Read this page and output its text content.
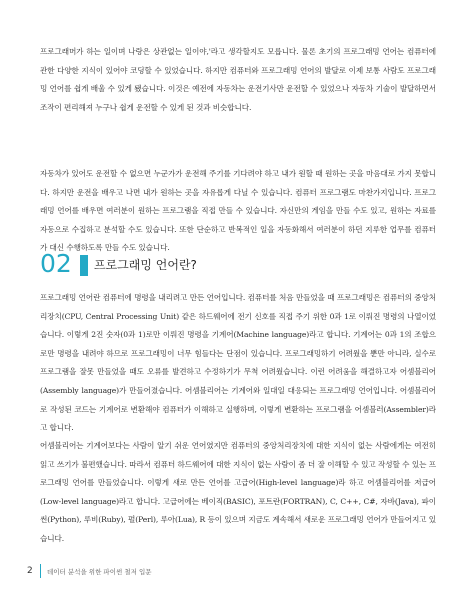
프로그래머가 하는 일이며 나랑은 상관없는 일이야,'라고 생각할지도 모릅니다. 물론 초기의 프로그래밍 언어는 컴퓨터에 관한 다양한 지식이 있어야 코딩할 수 있었습니다. 하지만 컴퓨터와 프로그래밍 언어의 발달로 이제 보통 사람도 프로그래밍 언어를 쉽게 배울 수 있게 됐습니다. 이것은 예전에 자동차는 운전기사만 운전할 수 있었으나 자동차 기술이 발달하면서 조작이 편리해져 누구나 쉽게 운전할 수 있게 된 것과 비슷합니다.

자동차가 있어도 운전할 수 없으면 누군가가 운전해 주기를 기다려야 하고 내가 원할 때 원하는 곳을 마음대로 가지 못합니다. 하지만 운전을 배우고 나면 내가 원하는 곳을 자유롭게 다닐 수 있습니다. 컴퓨터 프로그램도 마찬가지입니다. 프로그래밍 언어를 배우면 여러분이 원하는 프로그램을 직접 만들 수 있습니다. 자신만의 게임을 만들 수도 있고, 원하는 자료를 자동으로 수집하고 분석할 수도 있습니다. 또한 단순하고 반복적인 일을 자동화해서 여러분이 하던 지루한 업무를 컴퓨터가 대신 수행하도록 만들 수도 있습니다.

02 프로그래밍 언어란?

프로그래밍 언어란 컴퓨터에 명령을 내리려고 만든 언어입니다. 컴퓨터를 처음 만들었을 때 프로그래밍은 컴퓨터의 중앙처리장치(CPU, Central Processing Unit) 같은 하드웨어에 전기 신호를 직접 주기 위한 0과 1로 이뤄진 명령의 나열이었습니다. 이렇게 2진 숫자(0과 1)로만 이뤄진 명령을 기계어(Machine language)라고 합니다. 기계어는 0과 1의 조합으로만 명령을 내려야 하므로 프로그래밍이 너무 힘들다는 단점이 있습니다. 프로그래밍하기 어려웠을 뿐만 아니라, 실수로 프로그램을 잘못 만들었을 때도 오류를 발견하고 수정하기가 무척 어려웠습니다. 이런 어려움을 해결하고자 어셈블리어(Assembly language)가 만들어졌습니다. 어셈블리어는 기계어와 일대일 대응되는 프로그래밍 언어입니다. 어셈블리어로 작성된 코드는 기계어로 변환해야 컴퓨터가 이해하고 실행하며, 이렇게 변환하는 프로그램을 어셈블러(Assembler)라고 합니다.

어셈블리어는 기계어보다는 사람이 알기 쉬운 언어였지만 컴퓨터의 중앙처리장치에 대한 지식이 없는 사람에게는 여전히 읽고 쓰기가 불편했습니다. 따라서 컴퓨터 하드웨어에 대한 지식이 없는 사람이 좀 더 잘 이해할 수 있고 작성할 수 있는 프로그래밍 언어를 만들었습니다. 이렇게 새로 만든 언어를 고급어(High-level language)라 하고 어셈블리어를 저급어(Low-level language)라고 합니다. 고급어에는 베이직(BASIC), 포트란(FORTRAN), C, C++, C#, 자바(Java), 파이썬(Python), 루비(Ruby), 펄(Perl), 루아(Lua), R 등이 있으며 지금도 계속해서 새로운 프로그래밍 언어가 만들어지고 있습니다.

2 데이터 분석을 위한 파이썬 철저 입문
